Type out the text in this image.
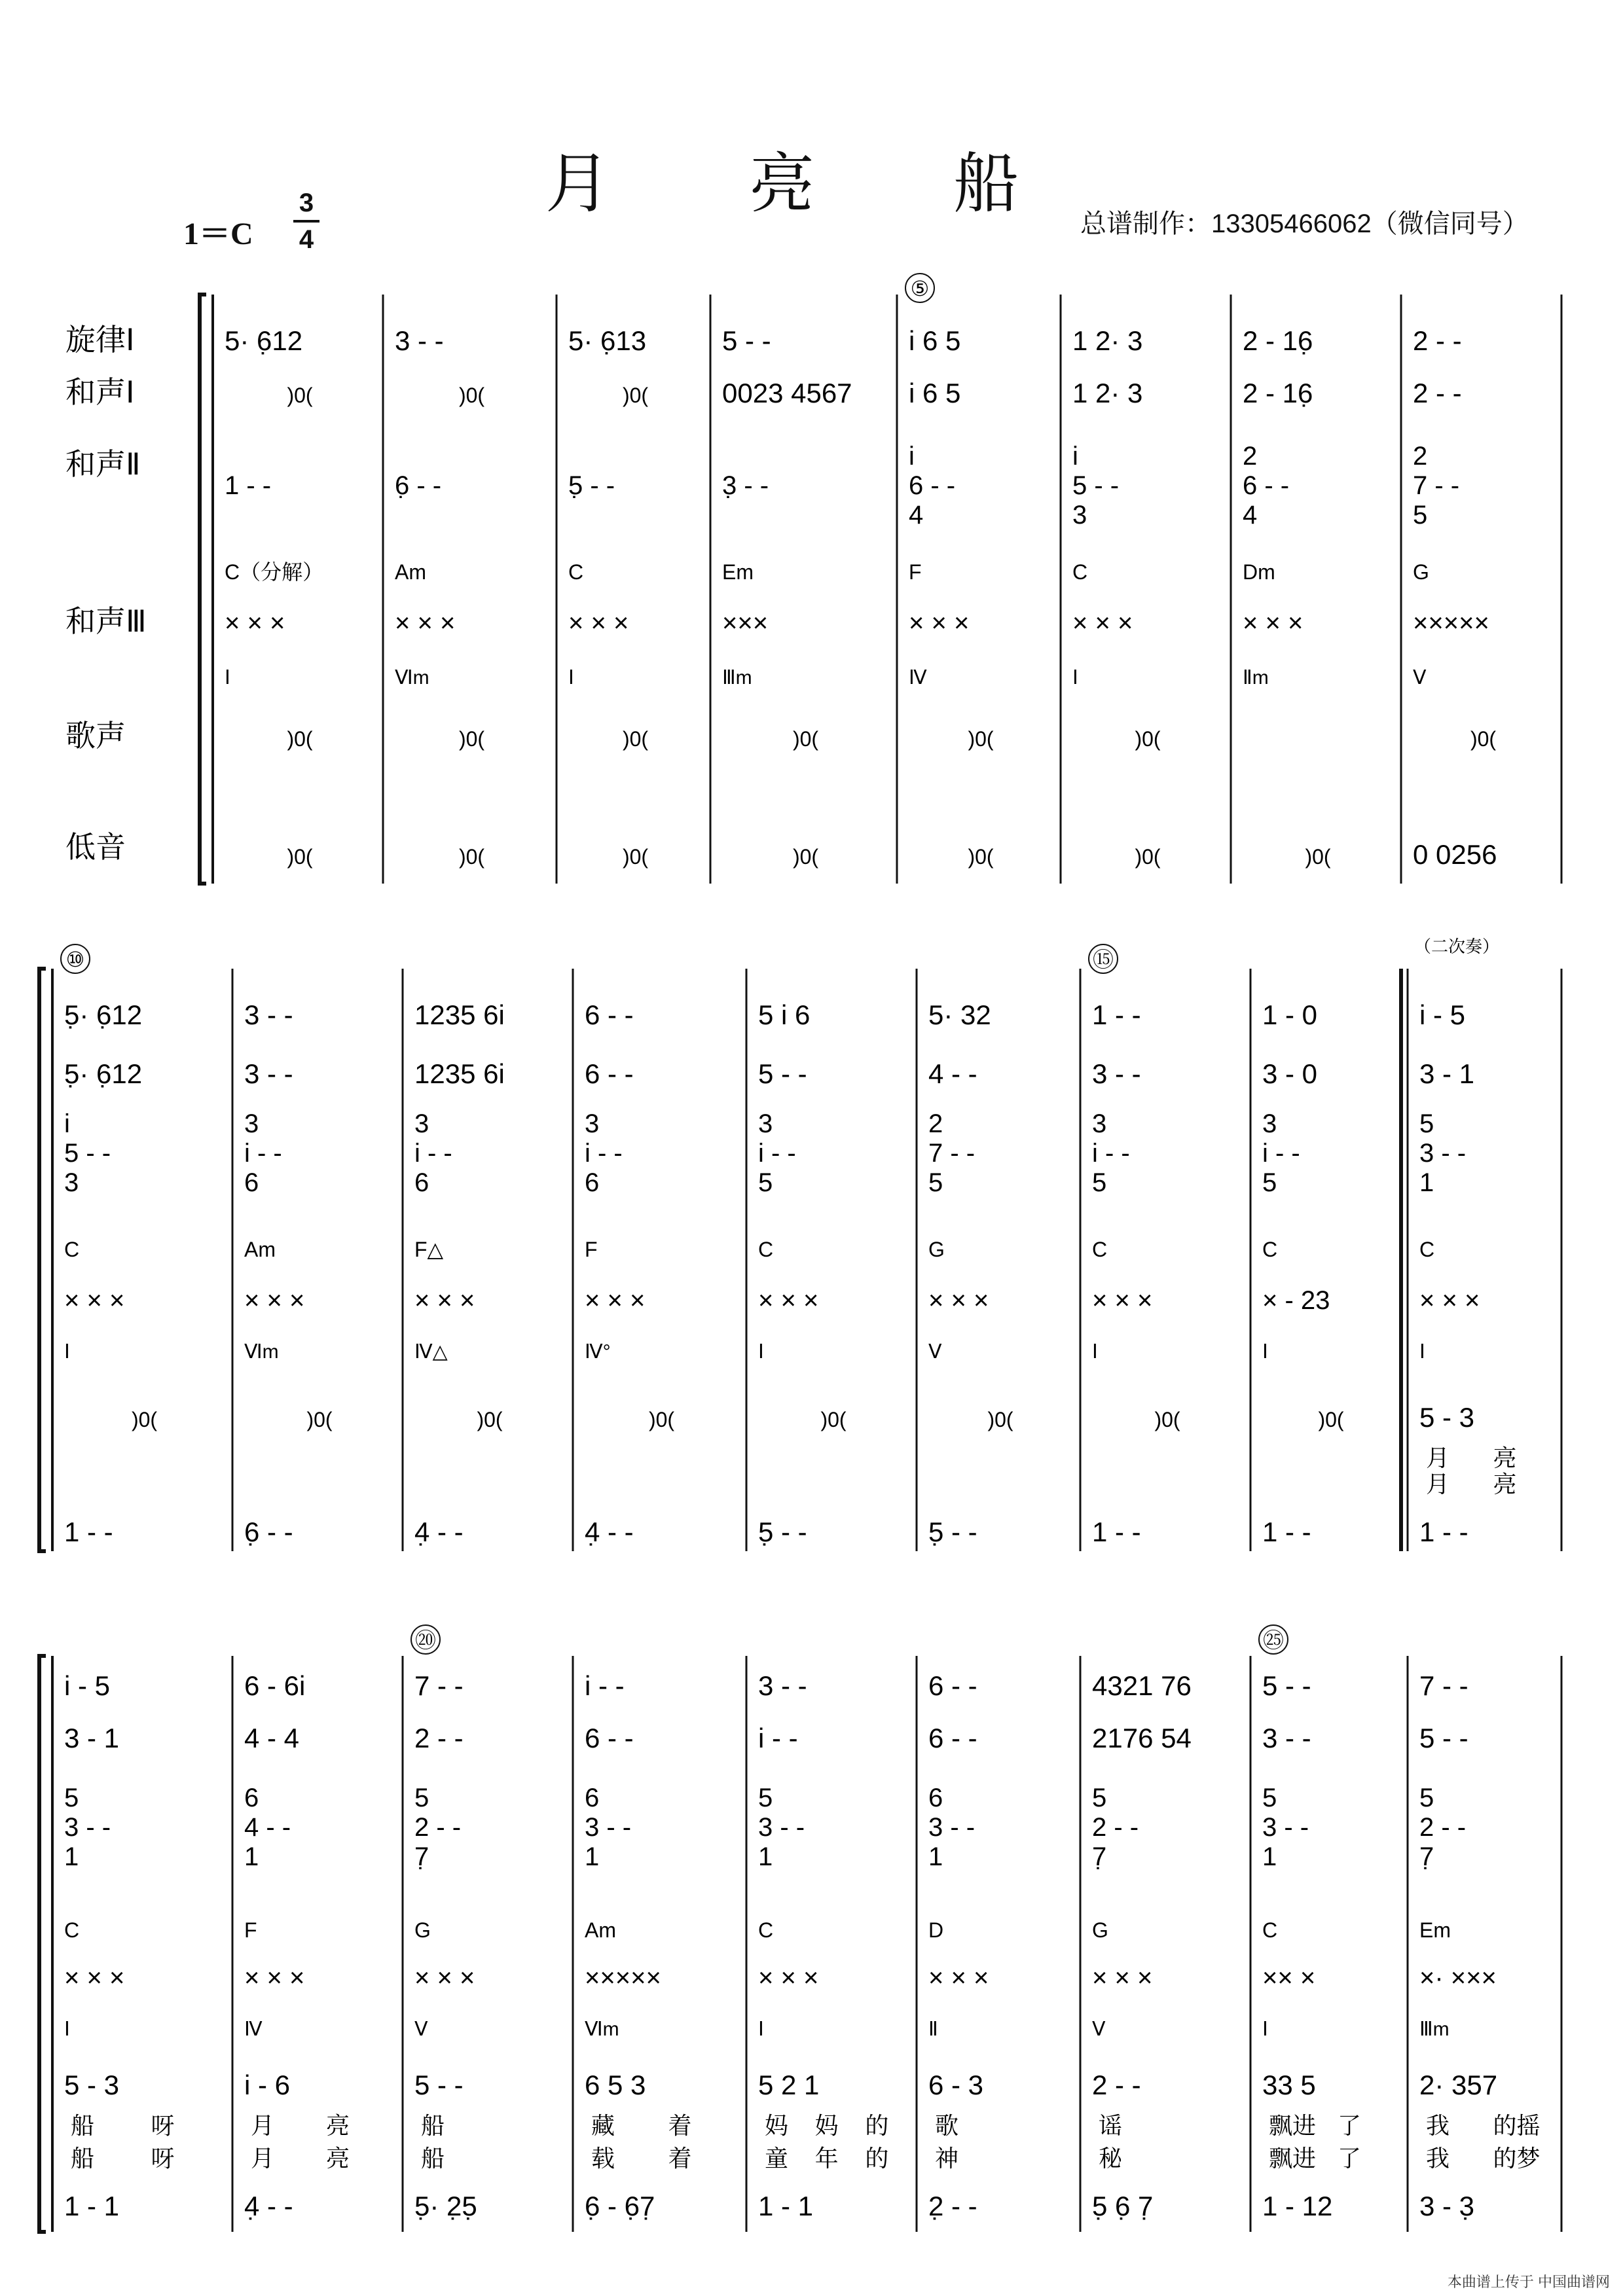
月 亮 船
1＝C
3
4
总谱制作：13305466062（微信同号）
旋律Ⅰ
和声Ⅰ
和声Ⅱ
和声Ⅲ
歌声
低音
⑤
5· 6̣12
)0(
1 - -
C（分解）
× × ×
Ⅰ
)0(
)0(
3 - -
)0(
6̣ - -
Am
× × ×
Ⅵm
)0(
)0(
5· 6̣13
)0(
5̣ - -
C
× × ×
Ⅰ
)0(
)0(
5 - -
0023 4567
3̣ - -
Em
×××
Ⅲm
)0(
)0(
i 6 5
i 6 5
i
6 - -
4
F
× × ×
Ⅳ
)0(
)0(
1 2· 3
1 2· 3
i
5 - -
3
C
× × ×
Ⅰ
)0(
)0(
2 - 16̣
2 - 16̣
2
6 - -
4
Dm
× × ×
Ⅱm
)0(
2 - -
2 - -
2
7 - -
5
G
×××××
Ⅴ
)0(
0 0256
（二次奏）
⑩	⑮
5̣· 6̣12
5̣· 6̣12
i
5 - -
3
C
× × ×
Ⅰ
)0(
1 - -
3 - -
3 - -
3
i - -
6
Am
× × ×
Ⅵm
)0(
6̣ - -
1235 6i
1235 6i
3
i - -
6
F△
× × ×
Ⅳ△
)0(
4̣ - -
6 - -
6 - -
3
i - -
6
F
× × ×
Ⅳ°
)0(
4̣ - -
5 i 6
5 - -
3
i - -
5
C
× × ×
Ⅰ
)0(
5̣ - -
5· 32
4 - -
2
7 - -
5
G
× × ×
Ⅴ
)0(
5̣ - -
1 - -
3 - -
3
i - -
5
C
× × ×
Ⅰ
)0(
1 - -
1 - 0
3 - 0
3
i - -
5
C
× - 23
Ⅰ
)0(
1 - -
i - 5
3 - 1
5
3 - -
1
C
× × ×
Ⅰ
5 - 3
月 亮
月 亮
1 - -
⑳	㉕
i - 5
3 - 1
5
3 - -
1
C
× × ×
Ⅰ
5 - 3
船 呀
船 呀
1 - 1
6 - 6i
4 - 4
6
4 - -
1
F
× × ×
Ⅳ
i - 6
月 亮
月 亮
4̣ - -
7 - -
2 - -
5
2 - -
7̣
G
× × ×
Ⅴ
5 - -
船
船
5̣· 2̣5̣
i - -
6 - -
6
3 - -
1
Am
×××××
Ⅵm
6 5 3
藏 着
载 着
6̣ - 6̣7̣
3 - -
i - -
5
3 - -
1
C
× × ×
Ⅰ
5 2 1
妈 妈 的
童 年 的
1 - 1
6 - -
6 - -
6
3 - -
1
D
× × ×
Ⅱ
6 - 3
歌
神
2̣ - -
4321 76
2176 54
5
2 - -
7̣
G
× × ×
Ⅴ
2 - -
谣
秘
5̣ 6̣ 7̣
5 - -
3 - -
5
3 - -
1
C
×× ×
Ⅰ
33 5
飘进 了
飘进 了
1 - 12
7 - -
5 - -
5
2 - -
7̣
Em
×· ×××
Ⅲm
2· 357
我 的摇
我 的梦
3 - 3̣
本曲谱上传于 中国曲谱网
